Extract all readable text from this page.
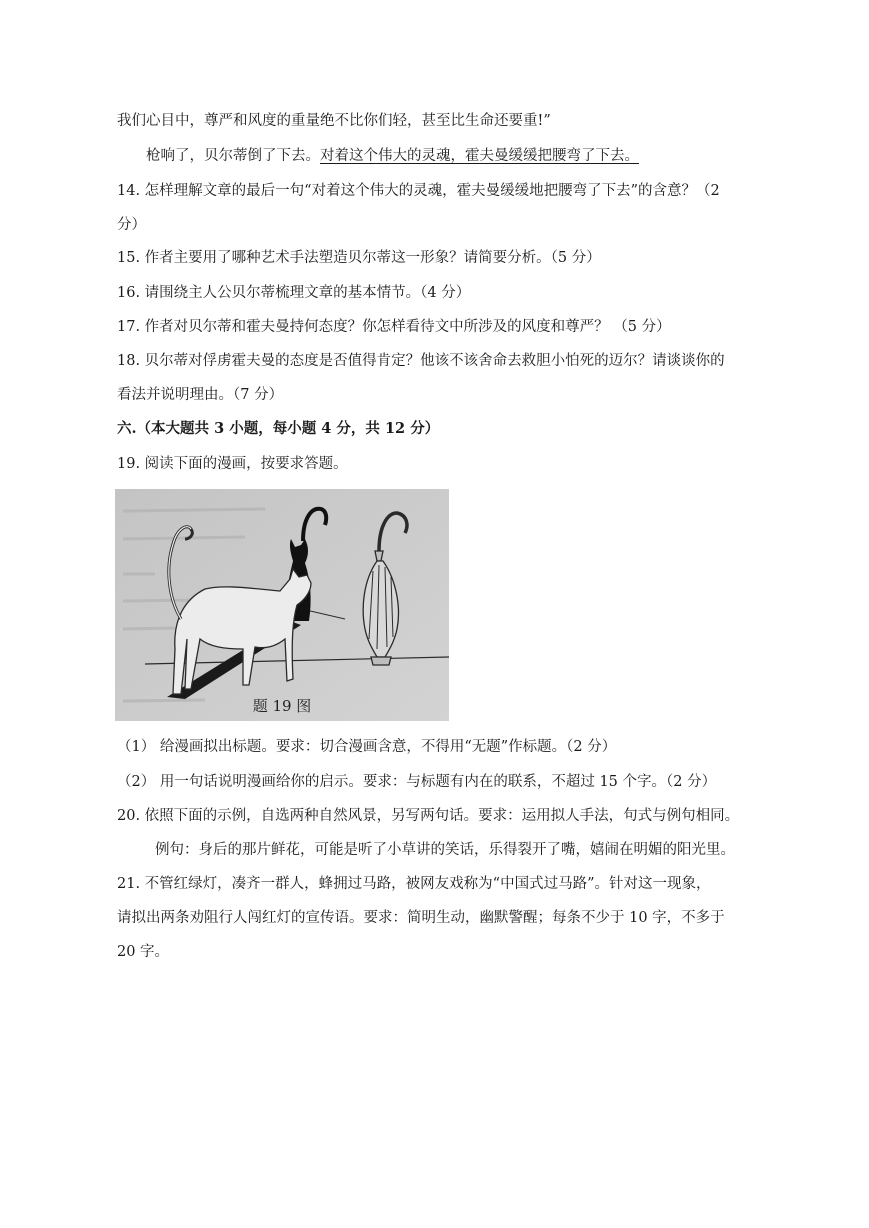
我们心目中，尊严和风度的重量绝不比你们轻，甚至比生命还要重!”
枪响了，贝尔蒂倒了下去。对着这个伟大的灵魂，霍夫曼缓缓把腰弯了下去。
14. 怎样理解文章的最后一句“对着这个伟大的灵魂，霍夫曼缓缓地把腰弯了下去”的含意？（2
分）
15. 作者主要用了哪种艺术手法塑造贝尔蒂这一形象？请简要分析。（5 分）
16. 请围绕主人公贝尔蒂梳理文章的基本情节。（4 分）
17. 作者对贝尔蒂和霍夫曼持何态度？你怎样看待文中所涉及的风度和尊严？ （5 分）
18. 贝尔蒂对俘虏霍夫曼的态度是否值得肯定？他该不该舍命去救胆小怕死的迈尔？请谈谈你的
看法并说明理由。（7 分）
六.（本大题共 3 小题，每小题 4 分，共 12 分）
19. 阅读下面的漫画，按要求答题。
题 19 图
（1） 给漫画拟出标题。要求：切合漫画含意，不得用“无题”作标题。（2 分）
（2） 用一句话说明漫画给你的启示。要求：与标题有内在的联系，不超过 15 个字。（2 分）
20. 依照下面的示例，自选两种自然风景，另写两句话。要求：运用拟人手法，句式与例句相同。
例句：身后的那片鲜花，可能是听了小草讲的笑话，乐得裂开了嘴，嬉闹在明媚的阳光里。
21. 不管红绿灯，凑齐一群人，蜂拥过马路，被网友戏称为“中国式过马路”。针对这一现象，
请拟出两条劝阻行人闯红灯的宣传语。要求：简明生动，幽默警醒；每条不少于 10 字，不多于
20 字。
